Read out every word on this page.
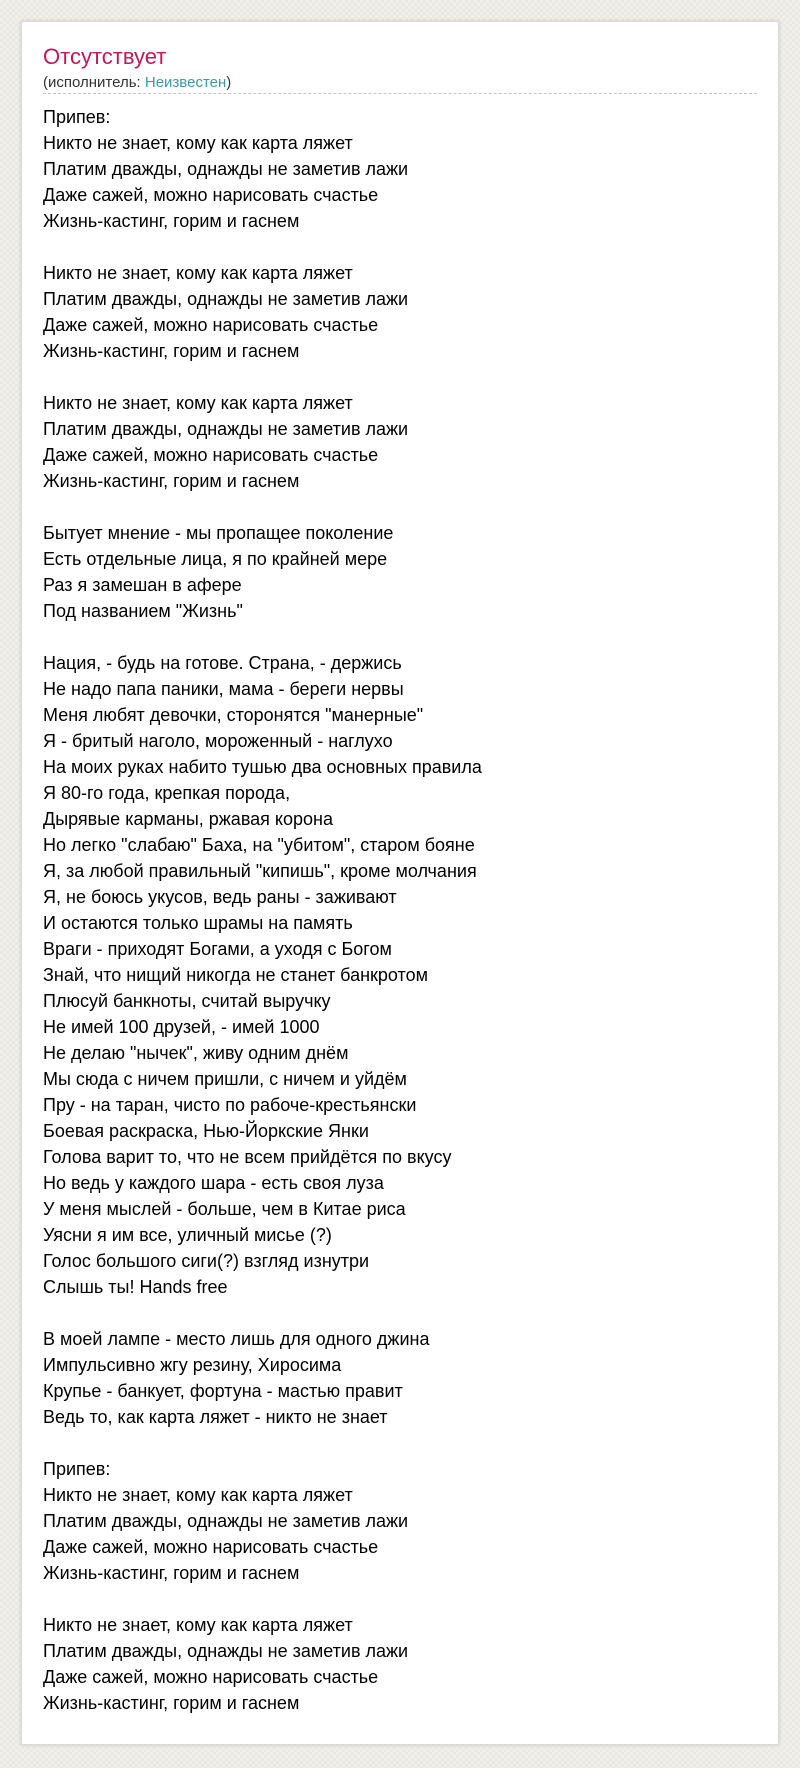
Отсутствует
(исполнитель: Неизвестен)
Припев:
Никто не знает, кому как карта ляжет
Платим дважды, однажды не заметив лажи
Даже сажей, можно нарисовать счастье
Жизнь-кастинг, горим и гаснем

Никто не знает, кому как карта ляжет
Платим дважды, однажды не заметив лажи
Даже сажей, можно нарисовать счастье
Жизнь-кастинг, горим и гаснем

Никто не знает, кому как карта ляжет
Платим дважды, однажды не заметив лажи
Даже сажей, можно нарисовать счастье
Жизнь-кастинг, горим и гаснем

Бытует мнение - мы пропащее поколение
Есть отдельные лица, я по крайней мере
Раз я замешан в афере
Под названием "Жизнь"

Нация, - будь на готове. Страна, - держись
Не надо папа паники, мама - береги нервы
Меня любят девочки, сторонятся "манерные"
Я - бритый наголо, мороженный - наглухо
На моих руках набито тушью два основных правила
Я 80-го года, крепкая порода,
Дырявые карманы, ржавая корона
Но легко "слабаю" Баха, на "убитом", старом бояне
Я, за любой правильный "кипишь", кроме молчания
Я, не боюсь укусов, ведь раны - заживают
И остаются только шрамы на память
Враги - приходят Богами, а уходя с Богом
Знай, что нищий никогда не станет банкротом
Плюсуй банкноты, считай выручку
Не имей 100 друзей, - имей 1000
Не делаю "нычек", живу одним днём
Мы сюда с ничем пришли, с ничем и уйдём
Пру - на таран, чисто по рабоче-крестьянски
Боевая раскраска, Нью-Йоркские Янки
Голова варит то, что не всем прийдётся по вкусу
Но ведь у каждого шара - есть своя луза
У меня мыслей - больше, чем в Китае риса
Уясни я им все, уличный мисье (?)
Голос большого сиги(?) взгляд изнутри
Слышь ты! Hands free

В моей лампе - место лишь для одного джина
Импульсивно жгу резину, Хиросима
Крупье - банкует, фортуна - мастью правит
Ведь то, как карта ляжет - никто не знает

Припев:
Никто не знает, кому как карта ляжет
Платим дважды, однажды не заметив лажи
Даже сажей, можно нарисовать счастье
Жизнь-кастинг, горим и гаснем

Никто не знает, кому как карта ляжет
Платим дважды, однажды не заметив лажи
Даже сажей, можно нарисовать счастье
Жизнь-кастинг, горим и гаснем
